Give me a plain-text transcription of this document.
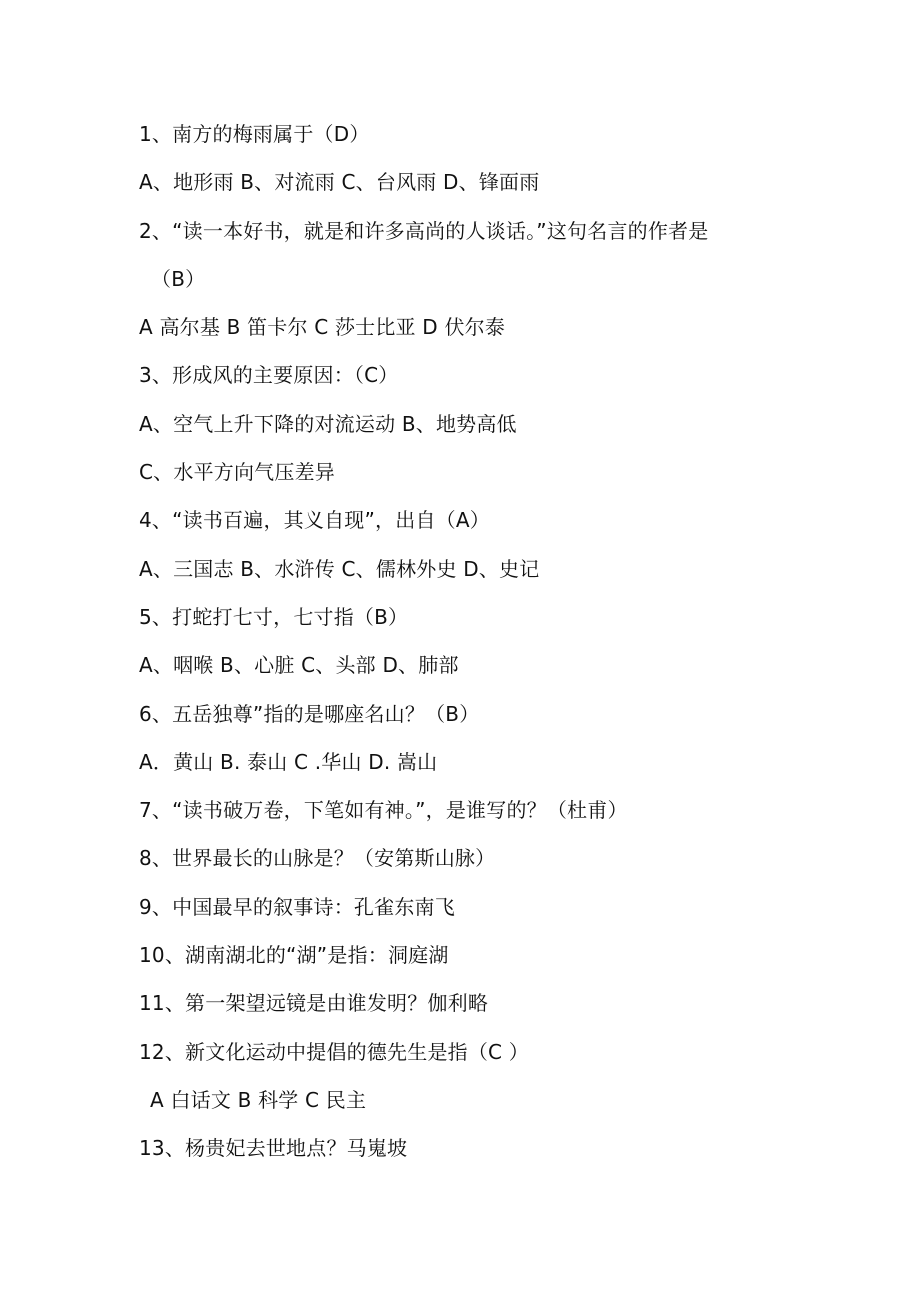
1、南方的梅雨属于（D）
A、地形雨 B、对流雨 C、台风雨 D、锋面雨
2、“读一本好书，就是和许多高尚的人谈话。”这句名言的作者是
（B）
A 高尔基 B 笛卡尔 C 莎士比亚 D 伏尔泰
3、形成风的主要原因：（C）
A、空气上升下降的对流运动 B、地势高低
C、水平方向气压差异
4、“读书百遍，其义自现”，出自（A）
A、三国志 B、水浒传 C、儒林外史 D、史记
5、打蛇打七寸，七寸指（B）
A、咽喉 B、心脏 C、头部 D、肺部
6、五岳独尊”指的是哪座名山？（B）
A．黄山 B. 泰山 C .华山 D. 嵩山
7、“读书破万卷，下笔如有神。”，是谁写的？（杜甫）
8、世界最长的山脉是？（安第斯山脉）
9、中国最早的叙事诗：孔雀东南飞
10、湖南湖北的“湖”是指：洞庭湖
11、第一架望远镜是由谁发明？伽利略
12、新文化运动中提倡的德先生是指（C ）
A 白话文 B 科学 C 民主
13、杨贵妃去世地点？马嵬坡
